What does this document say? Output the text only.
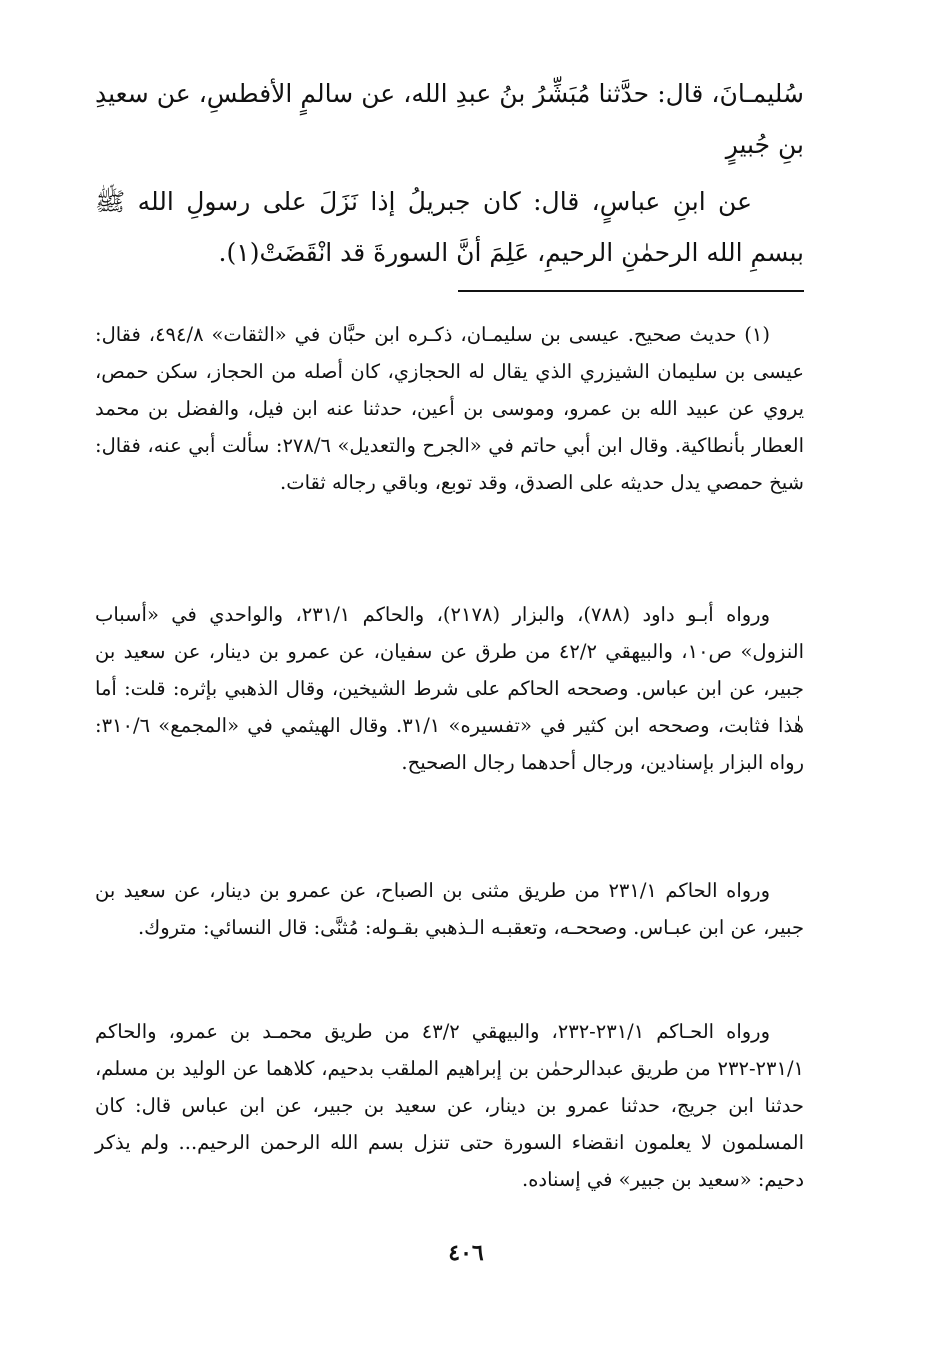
سُليمـانَ، قال: حدَّثنا مُبَشِّرُ بنُ عبدِ الله، عن سالمٍ الأفطسِ، عن سعيدِ بنِ جُبيرٍ

عن ابنِ عباسٍ، قال: كان جبريلُ إذا نَزَلَ على رسولِ الله ﷺ ببسمِ الله الرحمٰنِ الرحيمِ، عَلِمَ أنَّ السورةَ قد انْقَضَتْ(١).

(١) حديث صحيح. عيسى بن سليمـان، ذكـره ابن حبَّان في «الثقات» ٤٩٤/٨، فقال: عيسى بن سليمان الشيزري الذي يقال له الحجازي، كان أصله من الحجاز، سكن حمص، يروي عن عبيد الله بن عمرو، وموسى بن أعين، حدثنا عنه ابن فيل، والفضل بن محمد العطار بأنطاكية. وقال ابن أبي حاتم في «الجرح والتعديل» ٢٧٨/٦: سألت أبي عنه، فقال: شيخ حمصي يدل حديثه على الصدق، وقد توبع، وباقي رجاله ثقات.

ورواه أبـو داود (٧٨٨)، والبزار (٢١٧٨)، والحاكم ٢٣١/١، والواحدي في «أسباب النزول» ص١٠، والبيهقي ٤٢/٢ من طرق عن سفيان، عن عمرو بن دينار، عن سعيد بن جبير، عن ابن عباس. وصححه الحاكم على شرط الشيخين، وقال الذهبي بإثره: قلت: أما هٰذا فثابت، وصححه ابن كثير في «تفسيره» ٣١/١. وقال الهيثمي في «المجمع» ٣١٠/٦: رواه البزار بإسنادين، ورجال أحدهما رجال الصحيح.

ورواه الحاكم ٢٣١/١ من طريق مثنى بن الصباح، عن عمرو بن دينار، عن سعيد بن جبير، عن ابن عبـاس. وصححـه، وتعقبـه الـذهبي بقـوله: مُثنَّى: قال النسائي: متروك.

ورواه الحـاكم ٢٣١/١-٢٣٢، والبيهقي ٤٣/٢ من طريق محمـد بن عمرو، والحاكم ٢٣١/١-٢٣٢ من طريق عبدالرحمٰن بن إبراهيم الملقب بدحيم، كلاهما عن الوليد بن مسلم، حدثنا ابن جريج، حدثنا عمرو بن دينار، عن سعيد بن جبير، عن ابن عباس قال: كان المسلمون لا يعلمون انقضاء السورة حتى تنزل بسم الله الرحمن الرحيم... ولم يذكر دحيم: «سعيد بن جبير» في إسناده.

٤٠٦
